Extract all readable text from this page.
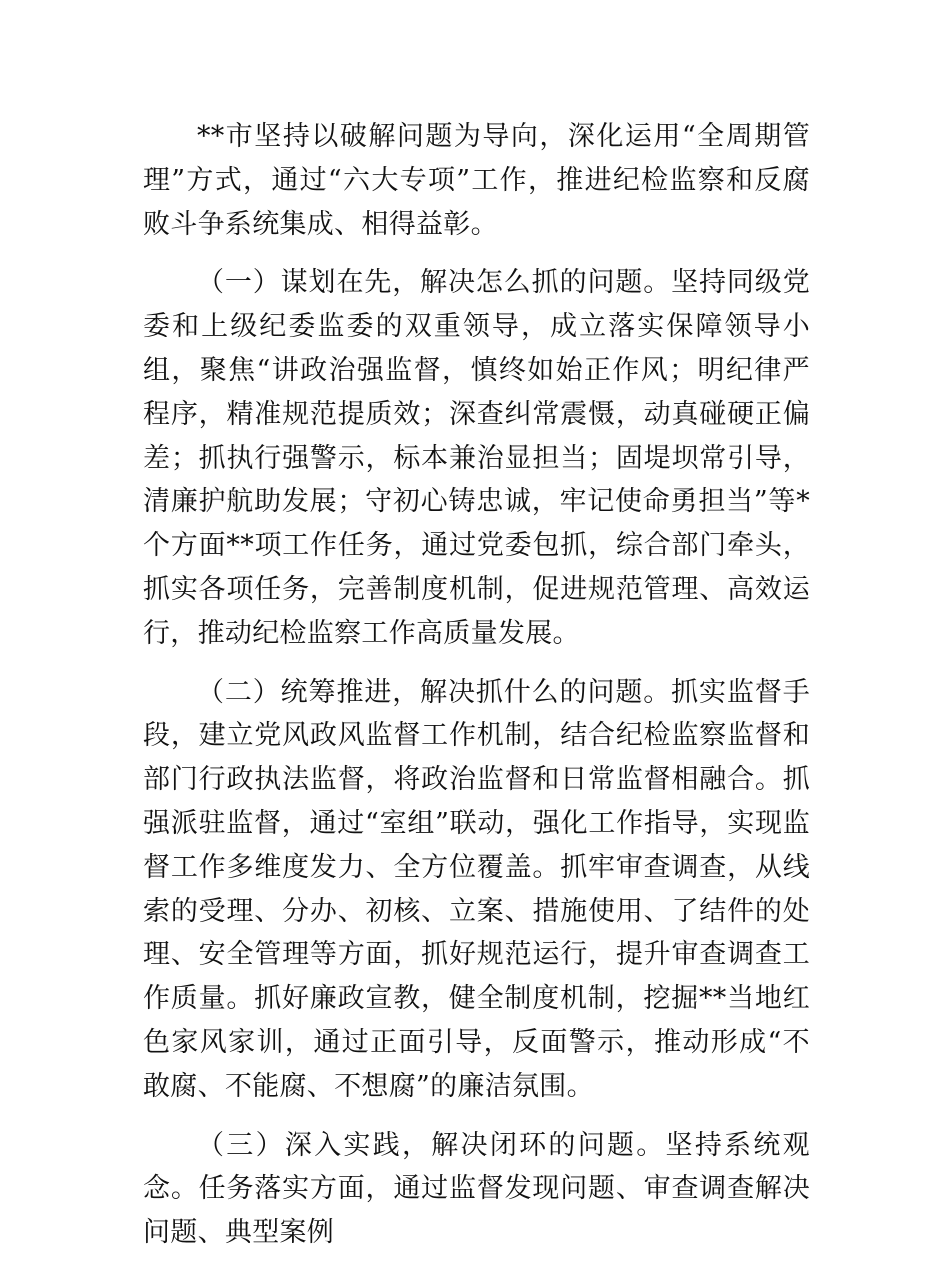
**市坚持以破解问题为导向，深化运用“全周期管理”方式，通过“六大专项”工作，推进纪检监察和反腐败斗争系统集成、相得益彰。

（一）谋划在先，解决怎么抓的问题。坚持同级党委和上级纪委监委的双重领导，成立落实保障领导小组，聚焦“讲政治强监督，慎终如始正作风；明纪律严程序，精准规范提质效；深查纠常震慑，动真碰硬正偏差；抓执行强警示，标本兼治显担当；固堤坝常引导，清廉护航助发展；守初心铸忠诚，牢记使命勇担当”等*个方面**项工作任务，通过党委包抓，综合部门牵头，抓实各项任务，完善制度机制，促进规范管理、高效运行，推动纪检监察工作高质量发展。

（二）统筹推进，解决抓什么的问题。抓实监督手段，建立党风政风监督工作机制，结合纪检监察监督和部门行政执法监督，将政治监督和日常监督相融合。抓强派驻监督，通过“室组”联动，强化工作指导，实现监督工作多维度发力、全方位覆盖。抓牢审查调查，从线索的受理、分办、初核、立案、措施使用、了结件的处理、安全管理等方面，抓好规范运行，提升审查调查工作质量。抓好廉政宣教，健全制度机制，挖掘**当地红色家风家训，通过正面引导，反面警示，推动形成“不敢腐、不能腐、不想腐”的廉洁氛围。

（三）深入实践，解决闭环的问题。坚持系统观念。任务落实方面，通过监督发现问题、审查调查解决问题、典型案例
